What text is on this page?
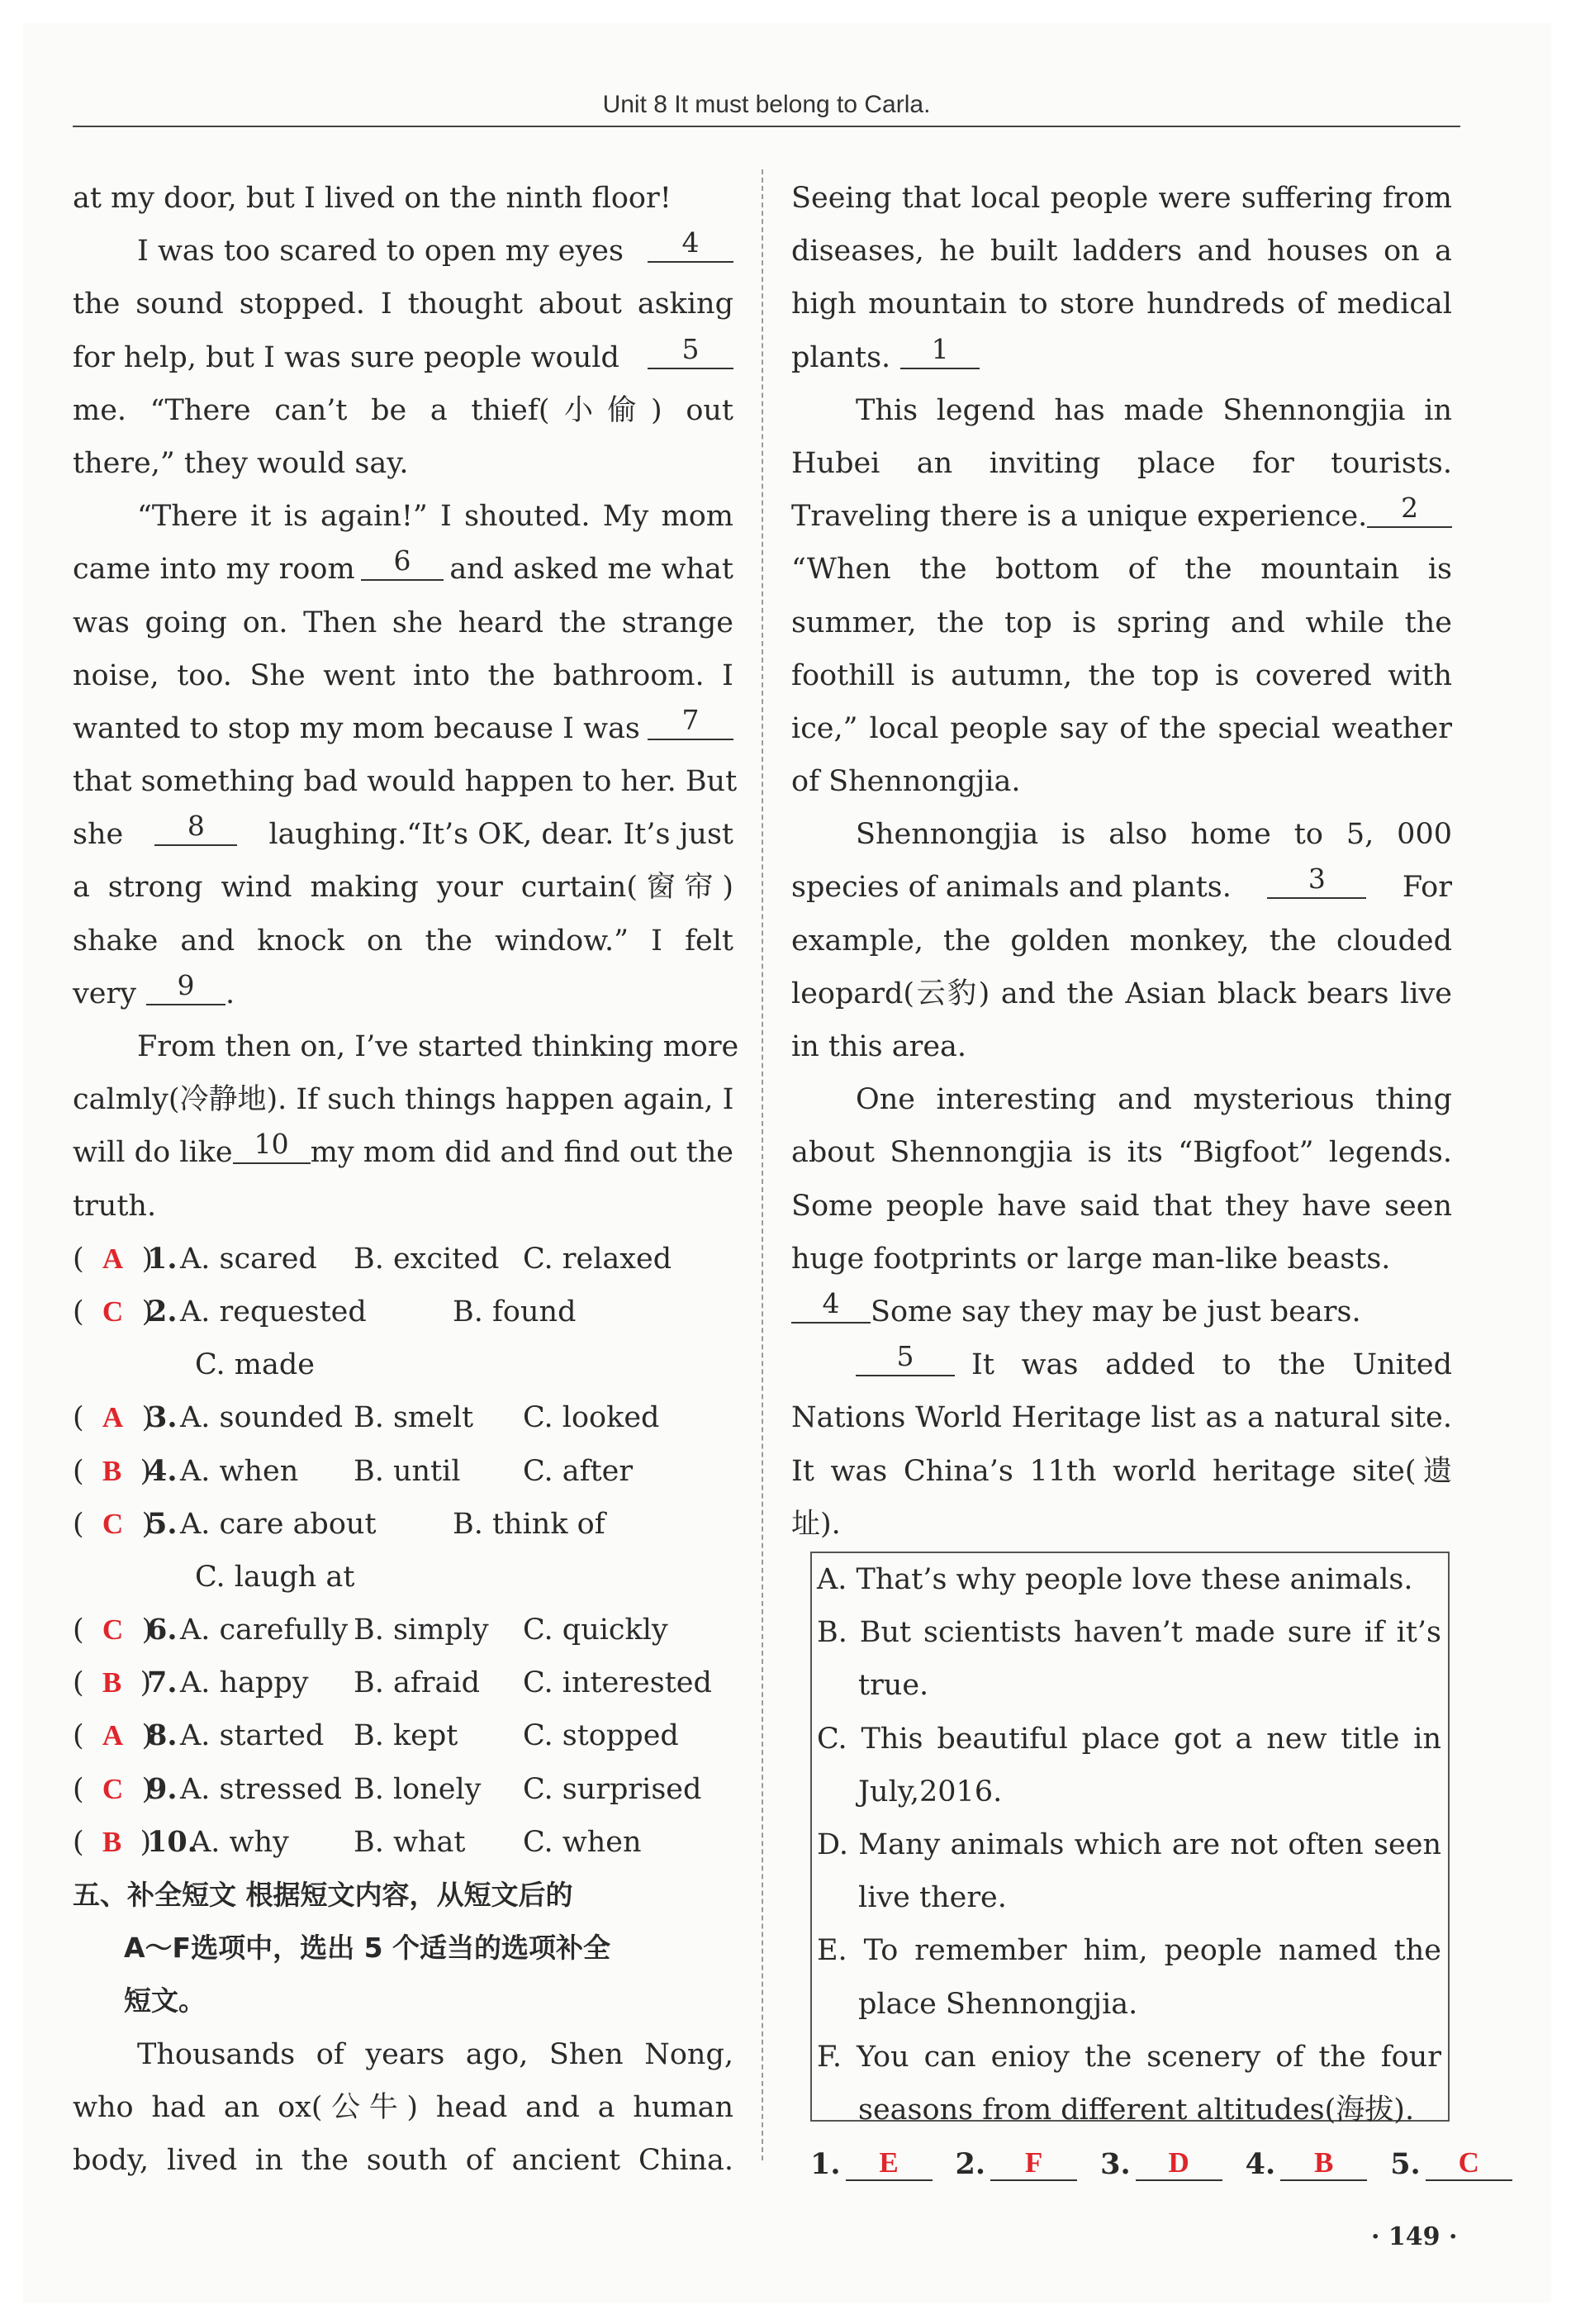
Unit 8 It must belong to Carla.
at my door, but I lived on the ninth floor!
I was too scared to open my eyes	4
the sound stopped. I thought about asking
for help, but I was sure people would	5
me. “There can’t be a thief(小偷) out
there,” they would say.
“There it is again!” I shouted. My mom
came into my room	6	and asked me what
was going on. Then she heard the strange
noise, too. She went into the bathroom. I
wanted to stop my mom because I was	7
that something bad would happen to her. But
she	8	laughing.“It’s OK, dear. It’s just
a strong wind making your curtain(窗帘)
shake and knock on the window.” I felt
very	9	.
From then on, I’ve started thinking more
calmly(冷静地). If such things happen again, I
will do like 10 my mom did and find out the
truth.
(  A  )
1. A. scared	B. excited C. relaxed
(  C  )
2. A. requested	B. found
C. made
(  A  )
3. A. sounded B. smelt	C. looked
(  B  )
4. A. when	B. until	C. after
(  C  )
5. A. care about	B. think of
C. laugh at
(  C  )
6. A. carefully B. simply	C. quickly
(  B  )
7. A. happy	B. afraid	C. interested
(  A  )
8. A. started	B. kept	C. stopped
(  C  )
9. A. stressed B. lonely	C. surprised
(  B  )
10.
A. why	B. what	C. when
五、补全短文 根据短文内容，从短文后的
A～F选项中，选出 5 个适当的选项补全
短文。
Thousands of years ago, Shen Nong,
who had an ox(公牛) head and a human
body, lived in the south of ancient China.
Seeing that local people were suffering from
diseases, he built ladders and houses on a
high mountain to store hundreds of medical
plants.	1
This legend has made Shennongjia in
Hubei an inviting place for tourists.
Traveling there is a unique experience.	2
“When the bottom of the mountain is
summer, the top is spring and while the
foothill is autumn, the top is covered with
ice,” local people say of the special weather
of Shennongjia.
Shennongjia is also home to 5, 000
species of animals and plants.	3	For
example, the golden monkey, the clouded
leopard(云豹) and the Asian black bears live
in this area.
One interesting and mysterious thing
about Shennongjia is its “Bigfoot” legends.
Some people have said that they have seen
huge footprints or large man-like beasts.
4	Some say they may be just bears.
5	It was added to the United
Nations World Heritage list as a natural site.
It was China’s 11th world heritage site(遗
址).
A. That’s why people love these animals.
B. But scientists haven’t made sure if it’s
true.
C. This beautiful place got a new title in
July,2016.
D. Many animals which are not often seen
live there.
E. To remember him, people named the
place Shennongjia.
F. You can enioy the scenery of the four
seasons from different altitudes(海拔).
1.	E	2.	F	3.	D	4.	B	5.	C
· 149 ·
